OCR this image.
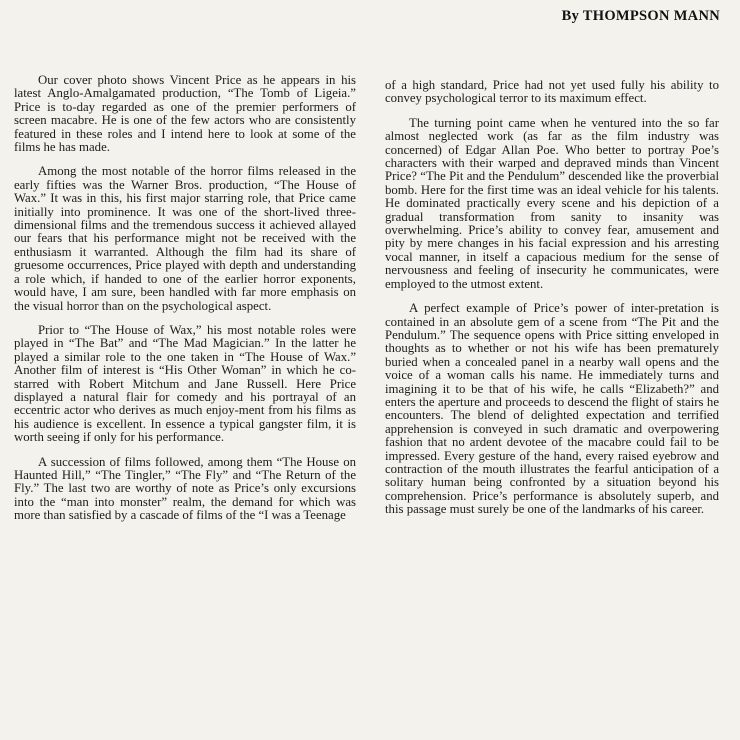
By THOMPSON MANN

Our cover photo shows Vincent Price as he appears in his latest Anglo-Amalgamated production, “The Tomb of Ligeia.” Price is to-day regarded as one of the premier performers of screen macabre. He is one of the few actors who are consistently featured in these roles and I intend here to look at some of the films he has made.

Among the most notable of the horror films released in the early fifties was the Warner Bros. production, “The House of Wax.” It was in this, his first major starring role, that Price came initially into prominence. It was one of the short-lived three-dimensional films and the tremendous success it achieved allayed our fears that his performance might not be received with the enthusiasm it warranted. Although the film had its share of gruesome occurrences, Price played with depth and understanding a role which, if handed to one of the earlier horror exponents, would have, I am sure, been handled with far more emphasis on the visual horror than on the psychological aspect.

Prior to “The House of Wax,” his most notable roles were played in “The Bat” and “The Mad Magician.” In the latter he played a similar role to the one taken in “The House of Wax.” Another film of interest is “His Other Woman” in which he co-starred with Robert Mitchum and Jane Russell. Here Price displayed a natural flair for comedy and his portrayal of an eccentric actor who derives as much enjoy-ment from his films as his audience is excellent. In essence a typical gangster film, it is worth seeing if only for his performance.

A succession of films followed, among them “The House on Haunted Hill,” “The Tingler,” “The Fly” and “The Return of the Fly.” The last two are worthy of note as Price’s only excursions into the “man into monster” realm, the demand for which was more than satisfied by a cascade of films of the “I was a Teenage

of a high standard, Price had not yet used fully his ability to convey psychological terror to its maximum effect.

The turning point came when he ventured into the so far almost neglected work (as far as the film industry was concerned) of Edgar Allan Poe. Who better to portray Poe’s characters with their warped and depraved minds than Vincent Price? “The Pit and the Pendulum” descended like the proverbial bomb. Here for the first time was an ideal vehicle for his talents. He dominated practically every scene and his depiction of a gradual transformation from sanity to insanity was overwhelming. Price’s ability to convey fear, amusement and pity by mere changes in his facial expression and his arresting vocal manner, in itself a capacious medium for the sense of nervousness and feeling of insecurity he communicates, were employed to the utmost extent.

A perfect example of Price’s power of inter-pretation is contained in an absolute gem of a scene from “The Pit and the Pendulum.” The sequence opens with Price sitting enveloped in thoughts as to whether or not his wife has been prematurely buried when a concealed panel in a nearby wall opens and the voice of a woman calls his name. He immediately turns and imagining it to be that of his wife, he calls “Elizabeth?” and enters the aperture and proceeds to descend the flight of stairs he encounters. The blend of delighted expectation and terrified apprehension is conveyed in such dramatic and overpowering fashion that no ardent devotee of the macabre could fail to be impressed. Every gesture of the hand, every raised eyebrow and contraction of the mouth illustrates the fearful anticipation of a solitary human being confronted by a situation beyond his comprehension. Price’s performance is absolutely superb, and this passage must surely be one of the landmarks of his career.
